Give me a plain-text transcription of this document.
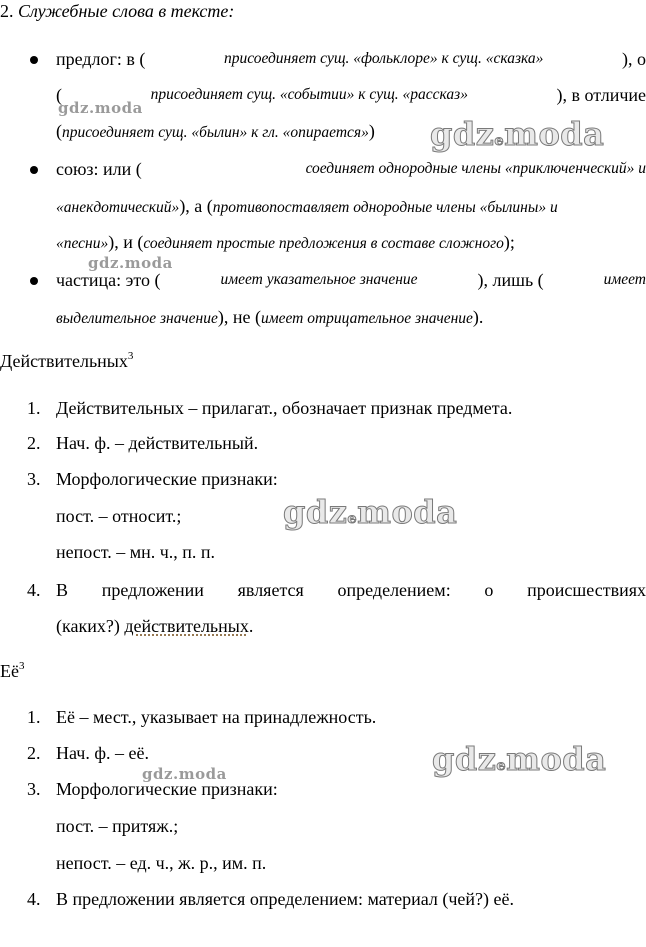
2. Служебные слова в тексте:
предлог: в (	присоединяет сущ. «фольклоре» к сущ. «сказка»	), о
(	присоединяет сущ. «событии» к сущ. «рассказ»	), в отличие
(присоединяет сущ. «былин» к гл. «опирается»)
союз: или (	соединяет однородные члены «приключенческий» и
«анекдотический»), а (противопоставляет однородные члены «былины» и
«песни»), и (соединяет простые предложения в составе сложного);
частица: это (	имеет указательное значение	), лишь (	имеет
выделительное значение), не (имеет отрицательное значение).
Действительных$^3$
1. Действительных – прилагат., обозначает признак предмета.
2. Нач. ф. – действительный.
3. Морфологические признаки:
пост. – относит.;
непост. – мн. ч., п. п.
4. В предложении является определением: о происшествиях
(каких?) действительных.
$Её^3$
1. Её – мест., указывает на принадлежность.
2. Нач. ф. – её.
3. Морфологические признаки:
пост. – притяж.;
непост. – ед. ч., ж. р., им. п.
4. В предложении является определением: материал (чей?) её.
gdzemoda
gdz.moda
gdz.moda
gdzemoda
gdzemoda
gdz.moda
